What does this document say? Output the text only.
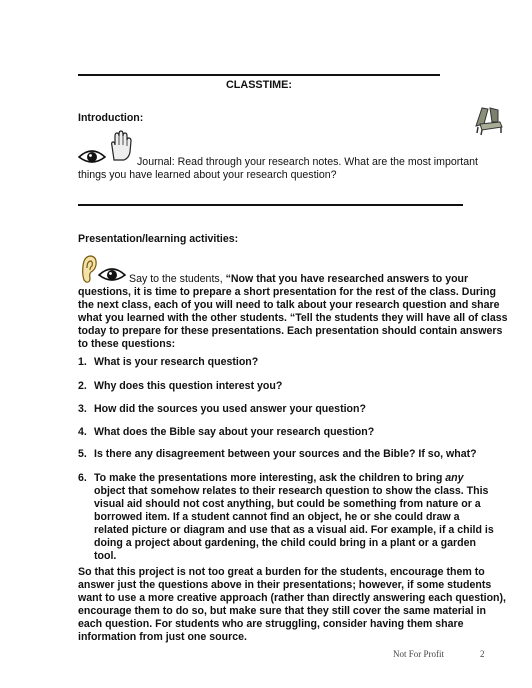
CLASSTIME:
Introduction:
Journal: Read through your research notes. What are the most important things you have learned about your research question?
Presentation/learning activities:
Say to the students, “Now that you have researched answers to your questions, it is time to prepare a short presentation for the rest of the class. During the next class, each of you will need to talk about your research question and share what you learned with the other students. “Tell the students they will have all of class today to prepare for these presentations. Each presentation should contain answers to these questions:
1. What is your research question?
2. Why does this question interest you?
3. How did the sources you used answer your question?
4. What does the Bible say about your research question?
5. Is there any disagreement between your sources and the Bible? If so, what?
6. To make the presentations more interesting, ask the children to bring any object that somehow relates to their research question to show the class. This visual aid should not cost anything, but could be something from nature or a borrowed item. If a student cannot find an object, he or she could draw a related picture or diagram and use that as a visual aid. For example, if a child is doing a project about gardening, the child could bring in a plant or a garden tool.
So that this project is not too great a burden for the students, encourage them to answer just the questions above in their presentations; however, if some students want to use a more creative approach (rather than directly answering each question), encourage them to do so, but make sure that they still cover the same material in each question. For students who are struggling, consider having them share information from just one source.
Not For Profit	2
